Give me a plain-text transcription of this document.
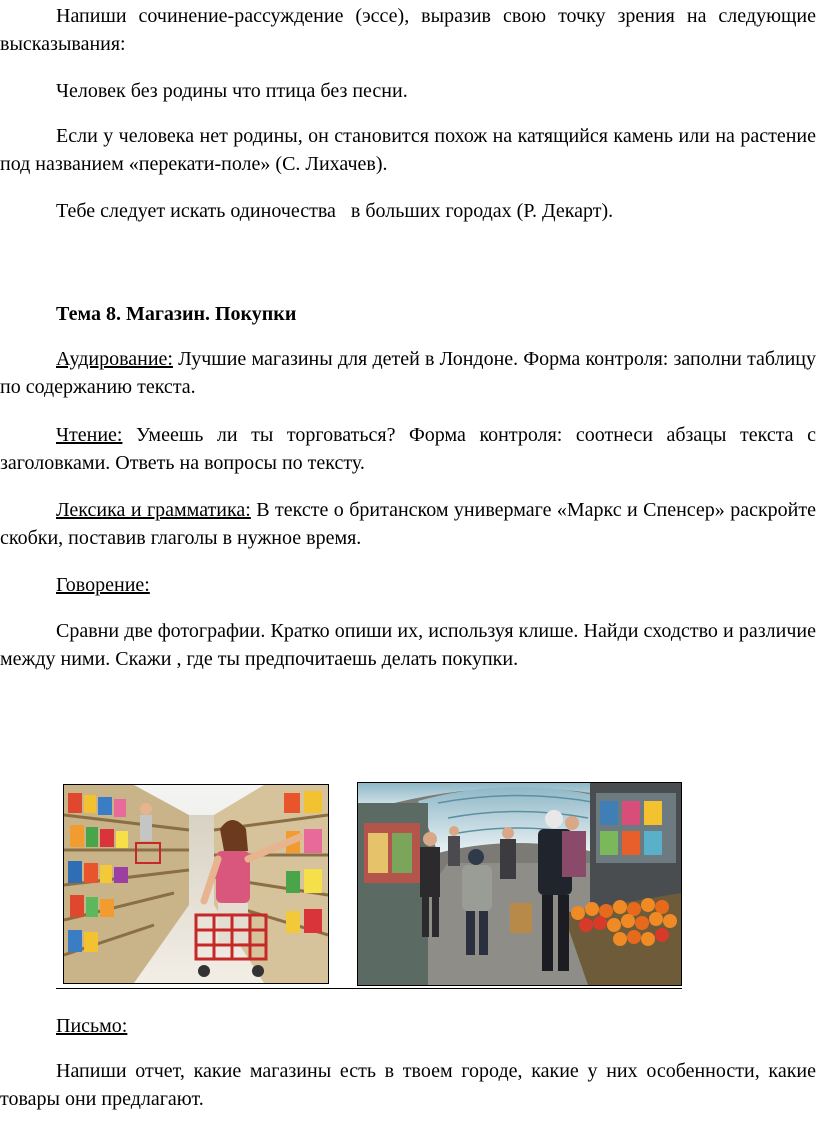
Напиши сочинение-рассуждение (эссе), выразив свою точку зрения на следующие высказывания:

Человек без родины что птица без песни.

Если у человека нет родины, он становится похож на катящийся камень или на растение под названием «перекати-поле» (С. Лихачев).

Тебе следует искать одиночества   в больших городах (Р. Декарт).

Тема 8. Магазин. Покупки

Аудирование: Лучшие магазины для детей в Лондоне. Форма контроля: заполни таблицу по содержанию текста.

Чтение: Умеешь ли ты торговаться? Форма контроля: соотнеси абзацы текста с заголовками. Ответь на вопросы по тексту.

Лексика и грамматика: В тексте о британском универмаге «Маркс и Спенсер» раскройте скобки, поставив глаголы в нужное время.

Говорение:

Сравни две фотографии. Кратко опиши их, используя клише. Найди сходство и различие между ними. Скажи , где ты предпочитаешь делать покупки.

Письмо:

Напиши отчет, какие магазины есть в твоем городе, какие у них особенности, какие товары они предлагают.
